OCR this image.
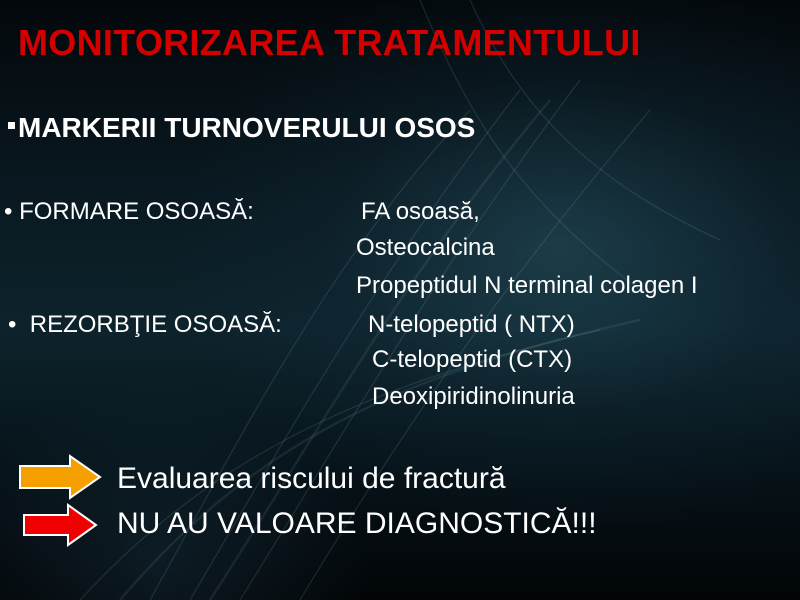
MONITORIZAREA TRATAMENTULUI
MARKERII TURNOVERULUI OSOS
• FORMARE OSOASĂ:	FA osoasă,
Osteocalcina
Propeptidul N terminal colagen I
• REZORBŢIE OSOASĂ:	N-telopeptid ( NTX)
C-telopeptid (CTX)
Deoxipiridinolinuria
Evaluarea riscului de fractură
NU AU VALOARE DIAGNOSTICĂ!!!
